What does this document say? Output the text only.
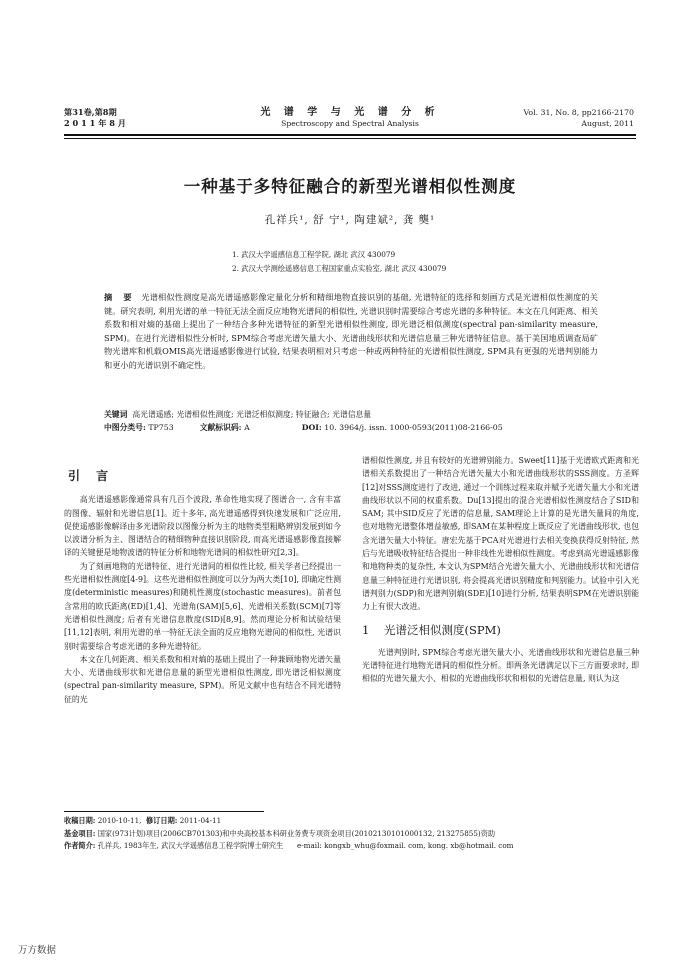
第31卷,第8期
2 0 1 1 年 8 月
光 谱 学 与 光 谱 分 析
Spectroscopy and Spectral Analysis
Vol. 31, No. 8, pp2166-2170
August, 2011
一种基于多特征融合的新型光谱相似性测度
孔祥兵¹, 舒 宁¹, 陶建斌², 龚 龑¹
1. 武汉大学遥感信息工程学院, 湖北 武汉 430079
2. 武汉大学测绘遥感信息工程国家重点实验室, 湖北 武汉 430079
摘 要 光谱相似性测度是高光谱遥感影像定量化分析和精细地物直接识别的基础, 光谱特征的选择和刻画方式是光谱相似性测度的关键。研究表明, 利用光谱的单一特征无法全面反应地物光谱间的相似性, 光谱识别时需要综合考虑光谱的多种特征。本文在几何距离、相关系数和相对熵的基础上提出了一种结合多种光谱特征的新型光谱相似性测度, 即光谱泛相似测度(spectral pan-similarity measure, SPM)。在进行光谱相似性分析时, SPM综合考虑光谱矢量大小、光谱曲线形状和光谱信息量三种光谱特征信息。基于美国地质调查局矿物光谱库和机载OMIS高光谱遥感影像进行试验, 结果表明相对只考虑一种或两种特征的光谱相似性测度, SPM具有更强的光谱判别能力和更小的光谱识别不确定性。
关键词 高光谱遥感; 光谱相似性测度; 光谱泛相似测度; 特征融合; 光谱信息量
中图分类号: TP753	文献标识码: A	DOI: 10. 3964/j. issn. 1000-0593(2011)08-2166-05
引 言

高光谱遥感影像通常具有几百个波段, 革命性地实现了图谱合一, 含有丰富的图像、辐射和光谱信息[1]。近十多年, 高光谱遥感得到快速发展和广泛应用, 促使遥感影像解译由多光谱阶段以图像分析为主的地物类型粗略辨别发展到如今以波谱分析为主、图谱结合的精细物种直接识别阶段, 而高光谱遥感影像直接解译的关键便是地物波谱的特征分析和地物光谱间的相似性研究[2,3]。

为了刻画地物的光谱特征、进行光谱间的相似性比较, 相关学者已经提出一些光谱相似性测度[4-9]。这些光谱相似性测度可以分为两大类[10], 即确定性测度(deterministic measures)和随机性测度(stochastic measures)。前者包含常用的欧氏距离(ED)[1,4]、光谱角(SAM)[5,6]、光谱相关系数(SCM)[7]等光谱相似性测度; 后者有光谱信息散度(SID)[8,9]。然而理论分析和试验结果[11,12]表明, 利用光谱的单一特征无法全面的反应地物光谱间的相似性, 光谱识别时需要综合考虑光谱的多种光谱特征。

本文在几何距离、相关系数和相对熵的基础上提出了一种兼顾地物光谱矢量大小、光谱曲线形状和光谱信息量的新型光谱相似性测度, 即光谱泛相似测度(spectral pan-similarity measure, SPM)。所见文献中也有结合不同光谱特征的光

谱相似性测度, 并且有较好的光谱辨别能力。Sweet[11]基于光谱欧式距离和光谱相关系数提出了一种结合光谱矢量大小和光谱曲线形状的SSS测度。方圣辉[12]对SSS测度进行了改进, 通过一个训练过程来取并赋予光谱矢量大小和光谱曲线形状以不同的权重系数。Du[13]提出的混合光谱相似性测度结合了SID和SAM; 其中SID反应了光谱的信息量, SAM理论上计算的是光谱矢量间的角度, 也对地物光谱整体增益敏感, 即SAM在某种程度上既反应了光谱曲线形状, 也包含光谱矢量大小特征。唐宏先基于PCA对光谱进行去相关变换获得反射特征, 然后与光谱吸收特征结合提出一种非线性光谱相似性测度。考虑到高光谱遥感影像和地物种类的复杂性, 本文认为SPM结合光谱矢量大小、光谱曲线形状和光谱信息量三种特征进行光谱识别, 将会提高光谱识别精度和判别能力。试验中引入光谱判别力(SDP)和光谱判别熵(SDE)[10]进行分析, 结果表明SPM在光谱识别能力上有很大改进。

1 光谱泛相似测度(SPM)

光谱判别时, SPM综合考虑光谱矢量大小、光谱曲线形状和光谱信息量三种光谱特征进行地物光谱间的相似性分析。即两条光谱满足以下三方面要求时, 即相似的光谱矢量大小、相似的光谱曲线形状和相似的光谱信息量, 则认为这

收稿日期: 2010-10-11, 修订日期: 2011-04-11
基金项目: 国家(973计划)项目(2006CB701303)和中央高校基本科研业务费专项资金项目(20102130101000132, 213275855)资助
作者简介: 孔祥兵, 1983年生, 武汉大学遥感信息工程学院博士研究生 e-mail: kongxb_whu@foxmail. com, kong. xb@hotmail. com
万方数据
